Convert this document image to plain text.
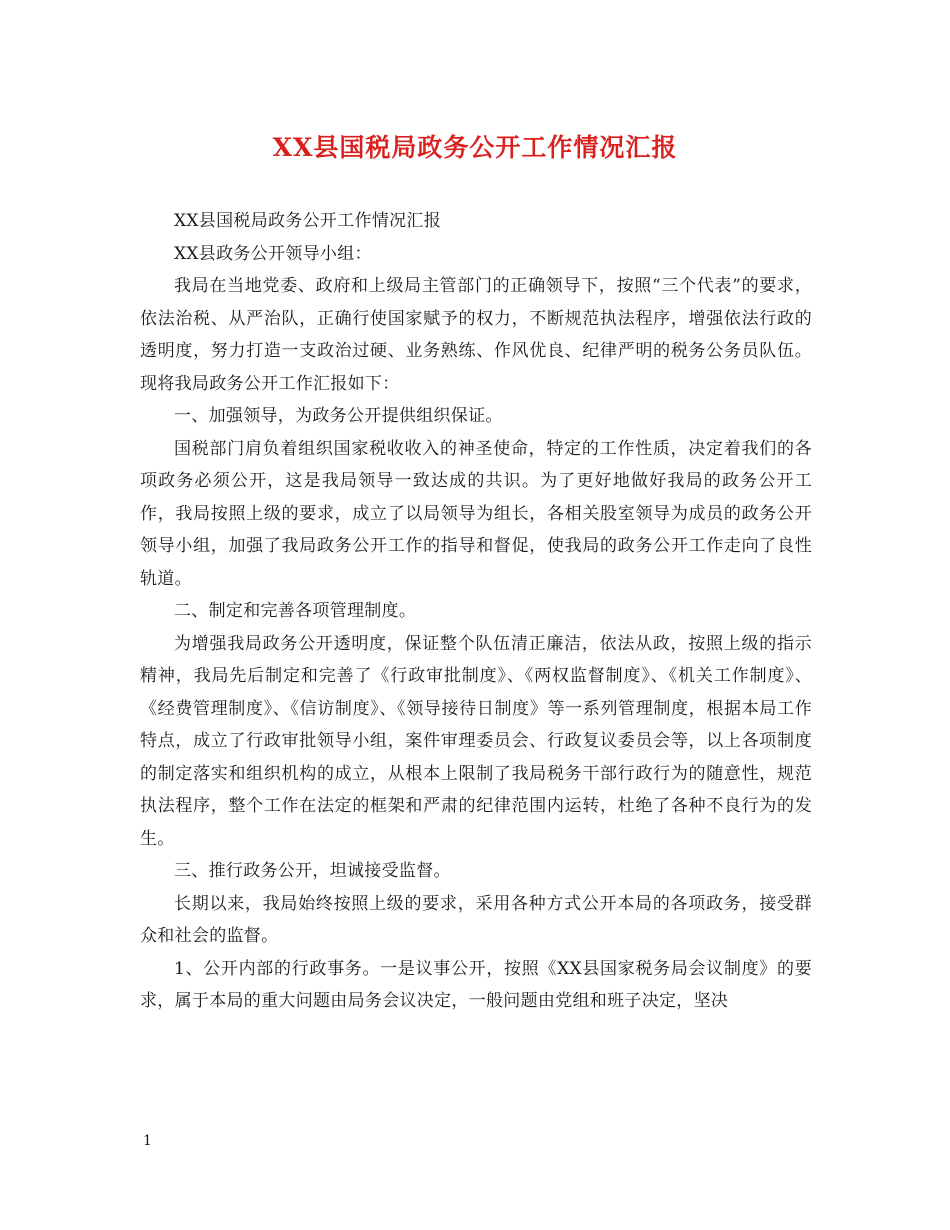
XX县国税局政务公开工作情况汇报

XX县国税局政务公开工作情况汇报

XX县政务公开领导小组：

我局在当地党委、政府和上级局主管部门的正确领导下，按照“三个代表”的要求，依法治税、从严治队，正确行使国家赋予的权力，不断规范执法程序，增强依法行政的透明度，努力打造一支政治过硬、业务熟练、作风优良、纪律严明的税务公务员队伍。现将我局政务公开工作汇报如下：

一、加强领导，为政务公开提供组织保证。

国税部门肩负着组织国家税收收入的神圣使命，特定的工作性质，决定着我们的各项政务必须公开，这是我局领导一致达成的共识。为了更好地做好我局的政务公开工作，我局按照上级的要求，成立了以局领导为组长，各相关股室领导为成员的政务公开领导小组，加强了我局政务公开工作的指导和督促，使我局的政务公开工作走向了良性轨道。

二、制定和完善各项管理制度。

为增强我局政务公开透明度，保证整个队伍清正廉洁，依法从政，按照上级的指示精神，我局先后制定和完善了《行政审批制度》、《两权监督制度》、《机关工作制度》、《经费管理制度》、《信访制度》、《领导接待日制度》等一系列管理制度，根据本局工作特点，成立了行政审批领导小组，案件审理委员会、行政复议委员会等，以上各项制度的制定落实和组织机构的成立，从根本上限制了我局税务干部行政行为的随意性，规范执法程序，整个工作在法定的框架和严肃的纪律范围内运转，杜绝了各种不良行为的发生。

三、推行政务公开，坦诚接受监督。

长期以来，我局始终按照上级的要求，采用各种方式公开本局的各项政务，接受群众和社会的监督。

1、公开内部的行政事务。一是议事公开，按照《XX县国家税务局会议制度》的要求，属于本局的重大问题由局务会议决定，一般问题由党组和班子决定，坚决

1
